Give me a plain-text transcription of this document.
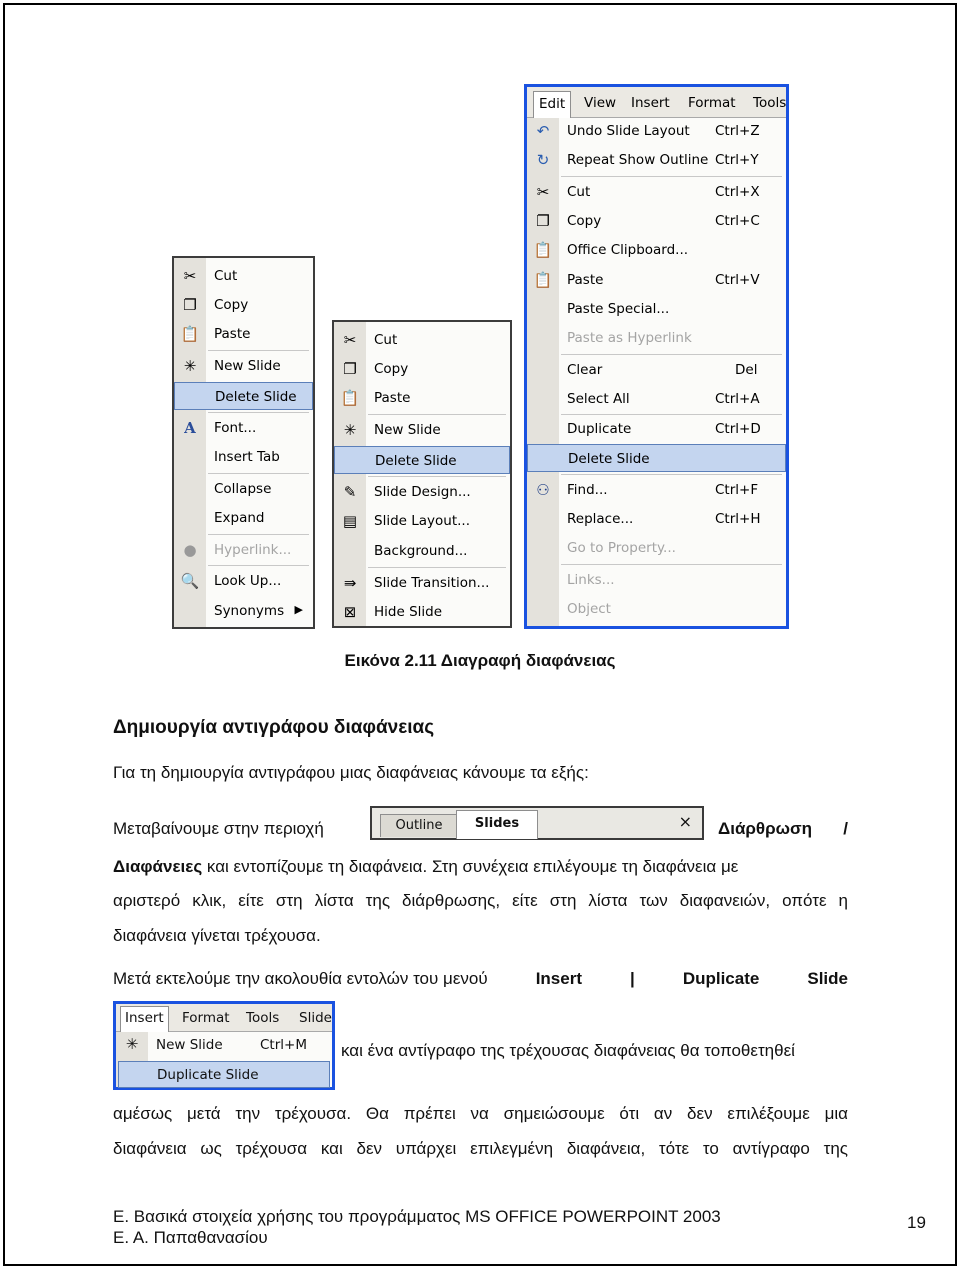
✂ Cut
❐ Copy
📋 Paste
✳ New Slide
Delete Slide
A	Font...
Insert Tab
Collapse
Expand
● Hyperlink...
🔍 Look Up...
Synonyms ▶
✂ Cut
❐ Copy
📋 Paste
✳ New Slide
Delete Slide
✎ Slide Design...
▤ Slide Layout...
Background...
⇛ Slide Transition...
⊠ Hide Slide
Edit	View Insert Format Tools
↶ Undo Slide Layout Ctrl+Z
↻ Repeat Show Outline Ctrl+Y
✂ Cut	Ctrl+X
❐ Copy	Ctrl+C
📋 Office Clipboard...
📋 Paste	Ctrl+V
Paste Special...
Paste as Hyperlink
Clear	Del
Select All	Ctrl+A
Duplicate	Ctrl+D
Delete Slide
⚇ Find...	Ctrl+F
Replace...	Ctrl+H
Go to Property...
Links...
Object
Εικόνα 2.11 Διαγραφή διαφάνειας
Δημιουργία αντιγράφου διαφάνειας
Για τη δημιουργία αντιγράφου μιας διαφάνειας κάνουμε τα εξής:
Μεταβαίνουμε στην περιοχή	Outline	Slides	× Διάρθρωση /
Διαφάνειες και εντοπίζουμε τη διαφάνεια. Στη συνέχεια επιλέγουμε τη διαφάνεια με
αριστερό κλικ, είτε στη λίστα της διάρθρωσης, είτε στη λίστα των διαφανειών, οπότε η
διαφάνεια γίνεται τρέχουσα.
Μετά εκτελούμε την ακολουθία εντολών του μενού	Insert | Duplicate Slide
Insert	Format Tools Slide
✳ New Slide	Ctrl+M
Duplicate Slide
και ένα αντίγραφο της τρέχουσας διαφάνειας θα τοποθετηθεί
αμέσως μετά την τρέχουσα. Θα πρέπει να σημειώσουμε ότι αν δεν επιλέξουμε μια
διαφάνεια ως τρέχουσα και δεν υπάρχει επιλεγμένη διαφάνεια, τότε το αντίγραφο της
Ε. Βασικά στοιχεία χρήσης του προγράμματος MS OFFICE POWERPOINT 2003
Ε. Α. Παπαθανασίου
19
